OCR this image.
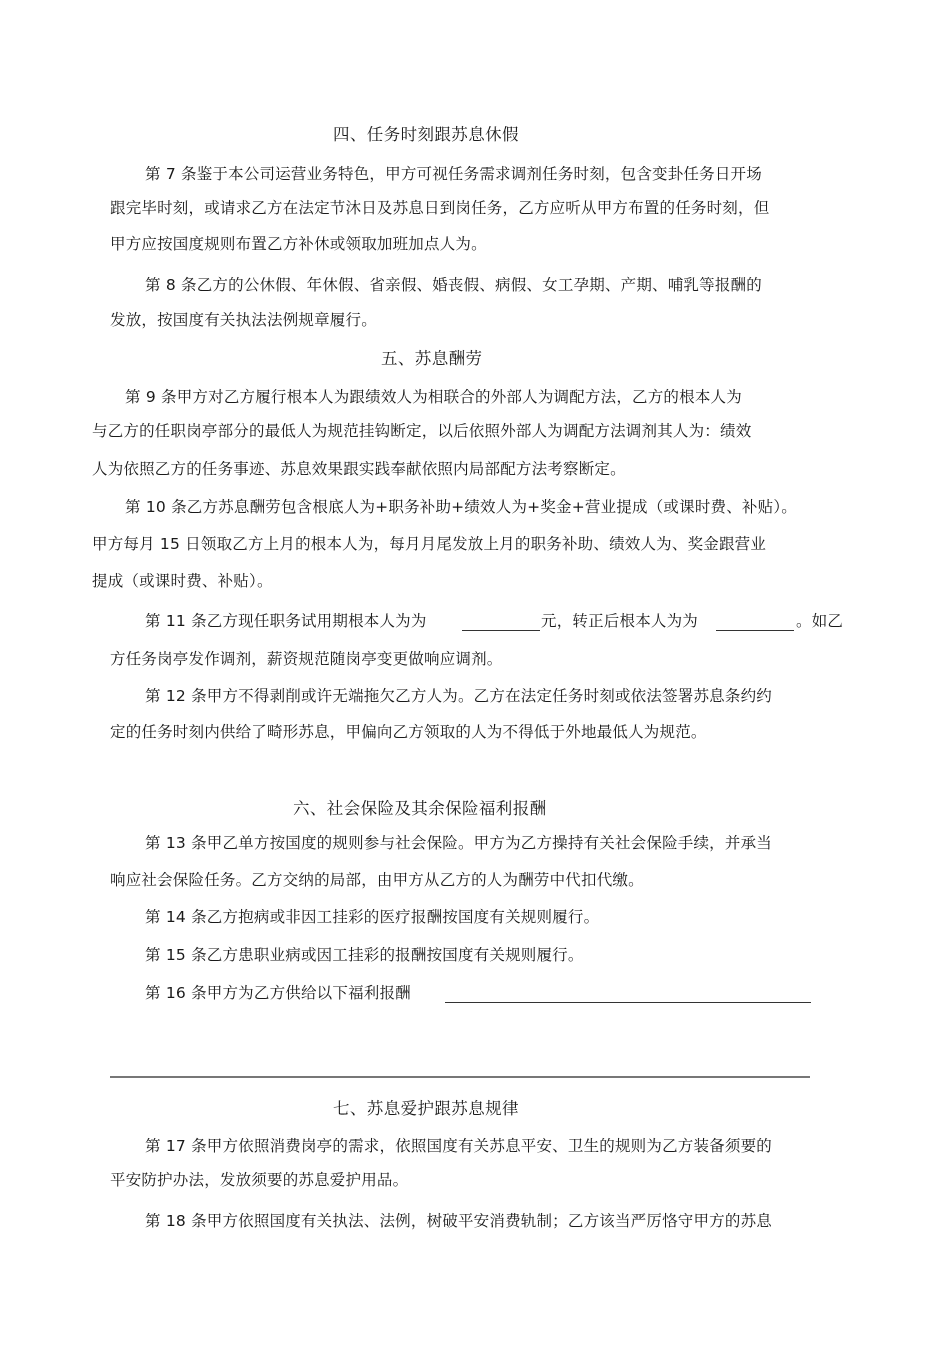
四、任务时刻跟苏息休假
第 7 条鉴于本公司运营业务特色，甲方可视任务需求调剂任务时刻，包含变卦任务日开场
跟完毕时刻，或请求乙方在法定节沐日及苏息日到岗任务，乙方应听从甲方布置的任务时刻，但
甲方应按国度规则布置乙方补休或领取加班加点人为。
第 8 条乙方的公休假、年休假、省亲假、婚丧假、病假、女工孕期、产期、哺乳等报酬的
发放，按国度有关执法法例规章履行。
五、苏息酬劳
第 9 条甲方对乙方履行根本人为跟绩效人为相联合的外部人为调配方法，乙方的根本人为
与乙方的任职岗亭部分的最低人为规范挂钩断定，以后依照外部人为调配方法调剂其人为：绩效
人为依照乙方的任务事迹、苏息效果跟实践奉献依照内局部配方法考察断定。
第 10 条乙方苏息酬劳包含根底人为+职务补助+绩效人为+奖金+营业提成（或课时费、补贴）。
甲方每月 15 日领取乙方上月的根本人为，每月月尾发放上月的职务补助、绩效人为、奖金跟营业
提成（或课时费、补贴）。
第 11 条乙方现任职务试用期根本人为为	元，转正后根本人为为	。如乙
方任务岗亭发作调剂，薪资规范随岗亭变更做响应调剂。
第 12 条甲方不得剥削或许无端拖欠乙方人为。乙方在法定任务时刻或依法签署苏息条约约
定的任务时刻内供给了畸形苏息，甲偏向乙方领取的人为不得低于外地最低人为规范。
六、社会保险及其余保险福利报酬
第 13 条甲乙单方按国度的规则参与社会保险。甲方为乙方操持有关社会保险手续，并承当
响应社会保险任务。乙方交纳的局部，由甲方从乙方的人为酬劳中代扣代缴。
第 14 条乙方抱病或非因工挂彩的医疗报酬按国度有关规则履行。
第 15 条乙方患职业病或因工挂彩的报酬按国度有关规则履行。
第 16 条甲方为乙方供给以下福利报酬
七、苏息爱护跟苏息规律
第 17 条甲方依照消费岗亭的需求，依照国度有关苏息平安、卫生的规则为乙方装备须要的
平安防护办法，发放须要的苏息爱护用品。
第 18 条甲方依照国度有关执法、法例，树破平安消费轨制；乙方该当严厉恪守甲方的苏息
